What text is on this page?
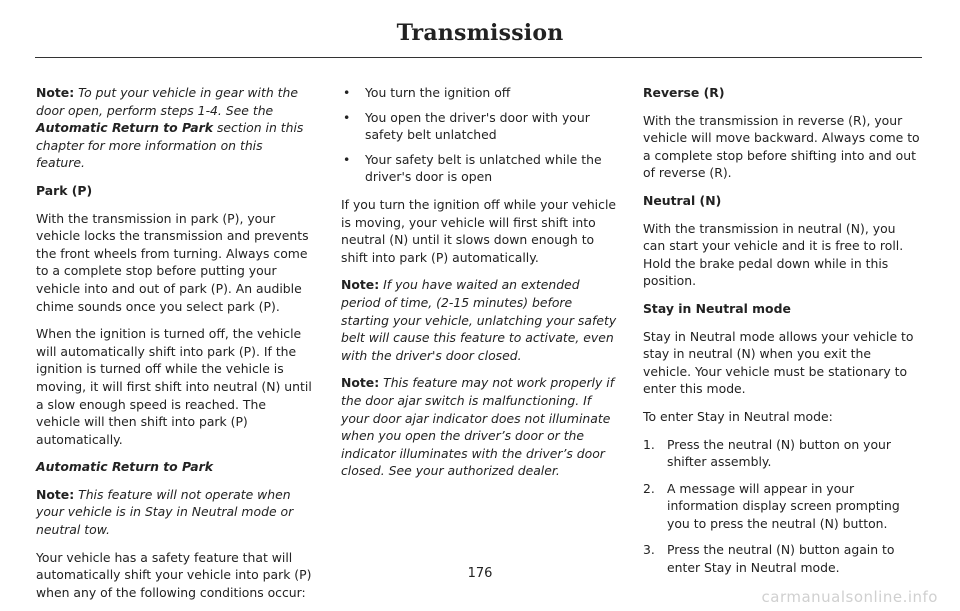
Transmission

Note: To put your vehicle in gear with the door open, perform steps 1-4. See the Automatic Return to Park section in this chapter for more information on this feature.

Park (P)

With the transmission in park (P), your vehicle locks the transmission and prevents the front wheels from turning. Always come to a complete stop before putting your vehicle into and out of park (P). An audible chime sounds once you select park (P).

When the ignition is turned off, the vehicle will automatically shift into park (P). If the ignition is turned off while the vehicle is moving, it will first shift into neutral (N) until a slow enough speed is reached. The vehicle will then shift into park (P) automatically.

Automatic Return to Park

Note: This feature will not operate when your vehicle is in Stay in Neutral mode or neutral tow.

Your vehicle has a safety feature that will automatically shift your vehicle into park (P) when any of the following conditions occur:

• You turn the ignition off
• You open the driver's door with your safety belt unlatched
• Your safety belt is unlatched while the driver's door is open

If you turn the ignition off while your vehicle is moving, your vehicle will first shift into neutral (N) until it slows down enough to shift into park (P) automatically.

Note: If you have waited an extended period of time, (2-15 minutes) before starting your vehicle, unlatching your safety belt will cause this feature to activate, even with the driver's door closed.

Note: This feature may not work properly if the door ajar switch is malfunctioning. If your door ajar indicator does not illuminate when you open the driver’s door or the indicator illuminates with the driver’s door closed. See your authorized dealer.

Reverse (R)

With the transmission in reverse (R), your vehicle will move backward. Always come to a complete stop before shifting into and out of reverse (R).

Neutral (N)

With the transmission in neutral (N), you can start your vehicle and it is free to roll. Hold the brake pedal down while in this position.

Stay in Neutral mode

Stay in Neutral mode allows your vehicle to stay in neutral (N) when you exit the vehicle. Your vehicle must be stationary to enter this mode.

To enter Stay in Neutral mode:

1. Press the neutral (N) button on your shifter assembly.
2. A message will appear in your information display screen prompting you to press the neutral (N) button.
3. Press the neutral (N) button again to enter Stay in Neutral mode.
176
carmanualsonline.info
